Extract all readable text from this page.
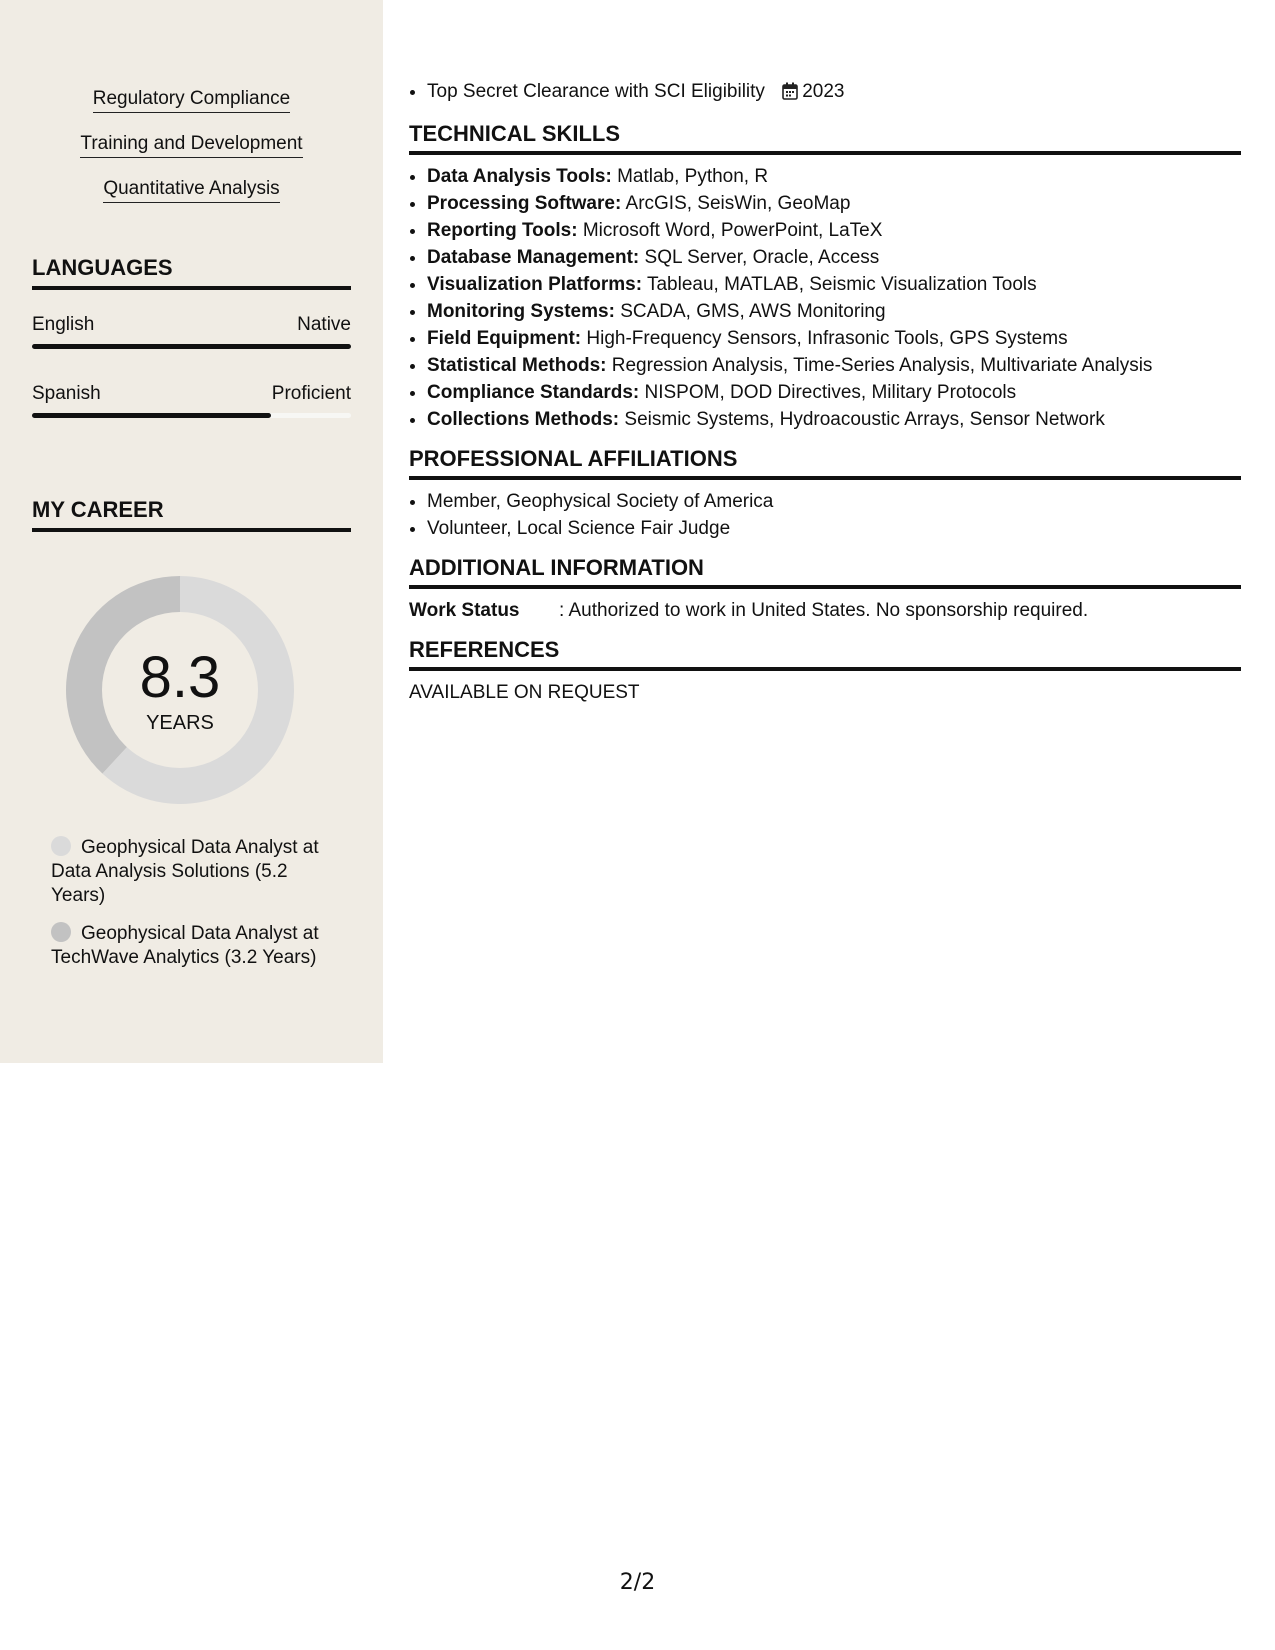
Regulatory Compliance
Training and Development
Quantitative Analysis
LANGUAGES
English	Native
Spanish	Proficient
MY CAREER
8.3
YEARS
Geophysical Data Analyst at Data Analysis Solutions (5.2 Years)
Geophysical Data Analyst at TechWave Analytics (3.2 Years)
• Top Secret Clearance with SCI Eligibility 2023
TECHNICAL SKILLS
• Data Analysis Tools: Matlab, Python, R
• Processing Software: ArcGIS, SeisWin, GeoMap
• Reporting Tools: Microsoft Word, PowerPoint, LaTeX
• Database Management: SQL Server, Oracle, Access
• Visualization Platforms: Tableau, MATLAB, Seismic Visualization Tools
• Monitoring Systems: SCADA, GMS, AWS Monitoring
• Field Equipment: High-Frequency Sensors, Infrasonic Tools, GPS Systems
• Statistical Methods: Regression Analysis, Time-Series Analysis, Multivariate Analysis
• Compliance Standards: NISPOM, DOD Directives, Military Protocols
• Collections Methods: Seismic Systems, Hydroacoustic Arrays, Sensor Network
PROFESSIONAL AFFILIATIONS
• Member, Geophysical Society of America
• Volunteer, Local Science Fair Judge
ADDITIONAL INFORMATION
Work Status : Authorized to work in United States. No sponsorship required.
REFERENCES
AVAILABLE ON REQUEST
2/2
